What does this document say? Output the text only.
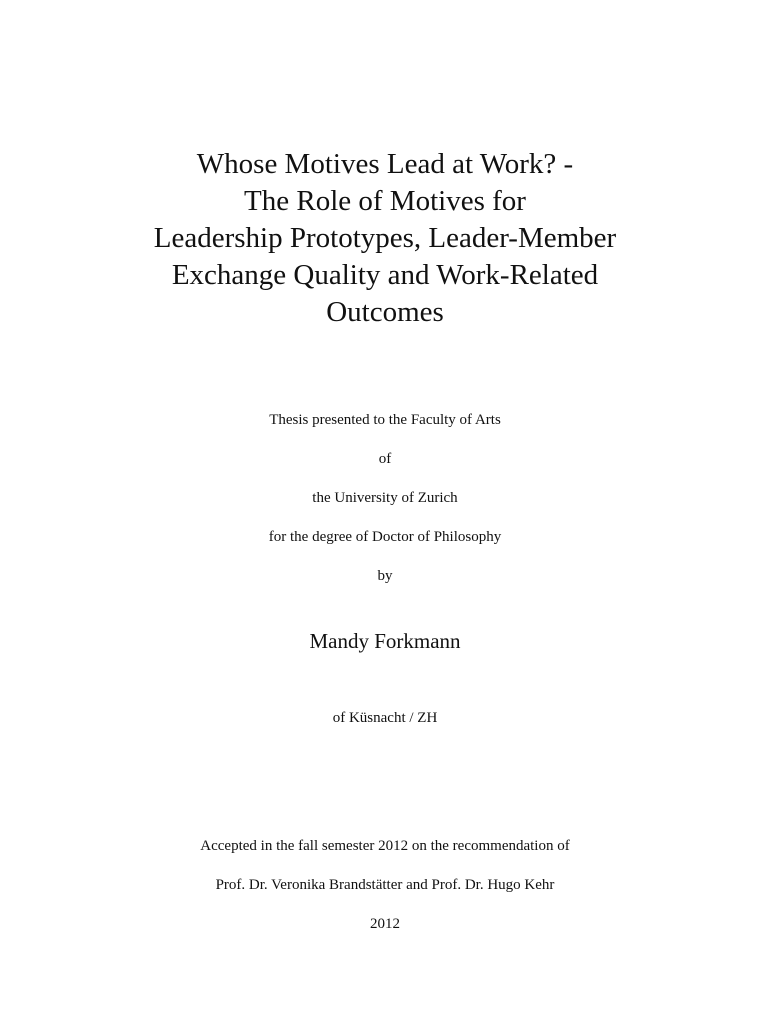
Whose Motives Lead at Work? -
The Role of Motives for
Leadership Prototypes, Leader-Member
Exchange Quality and Work-Related
Outcomes
Thesis presented to the Faculty of Arts
of
the University of Zurich
for the degree of Doctor of Philosophy
by
Mandy Forkmann
of Küsnacht / ZH
Accepted in the fall semester 2012 on the recommendation of
Prof. Dr. Veronika Brandstätter and Prof. Dr. Hugo Kehr
2012
